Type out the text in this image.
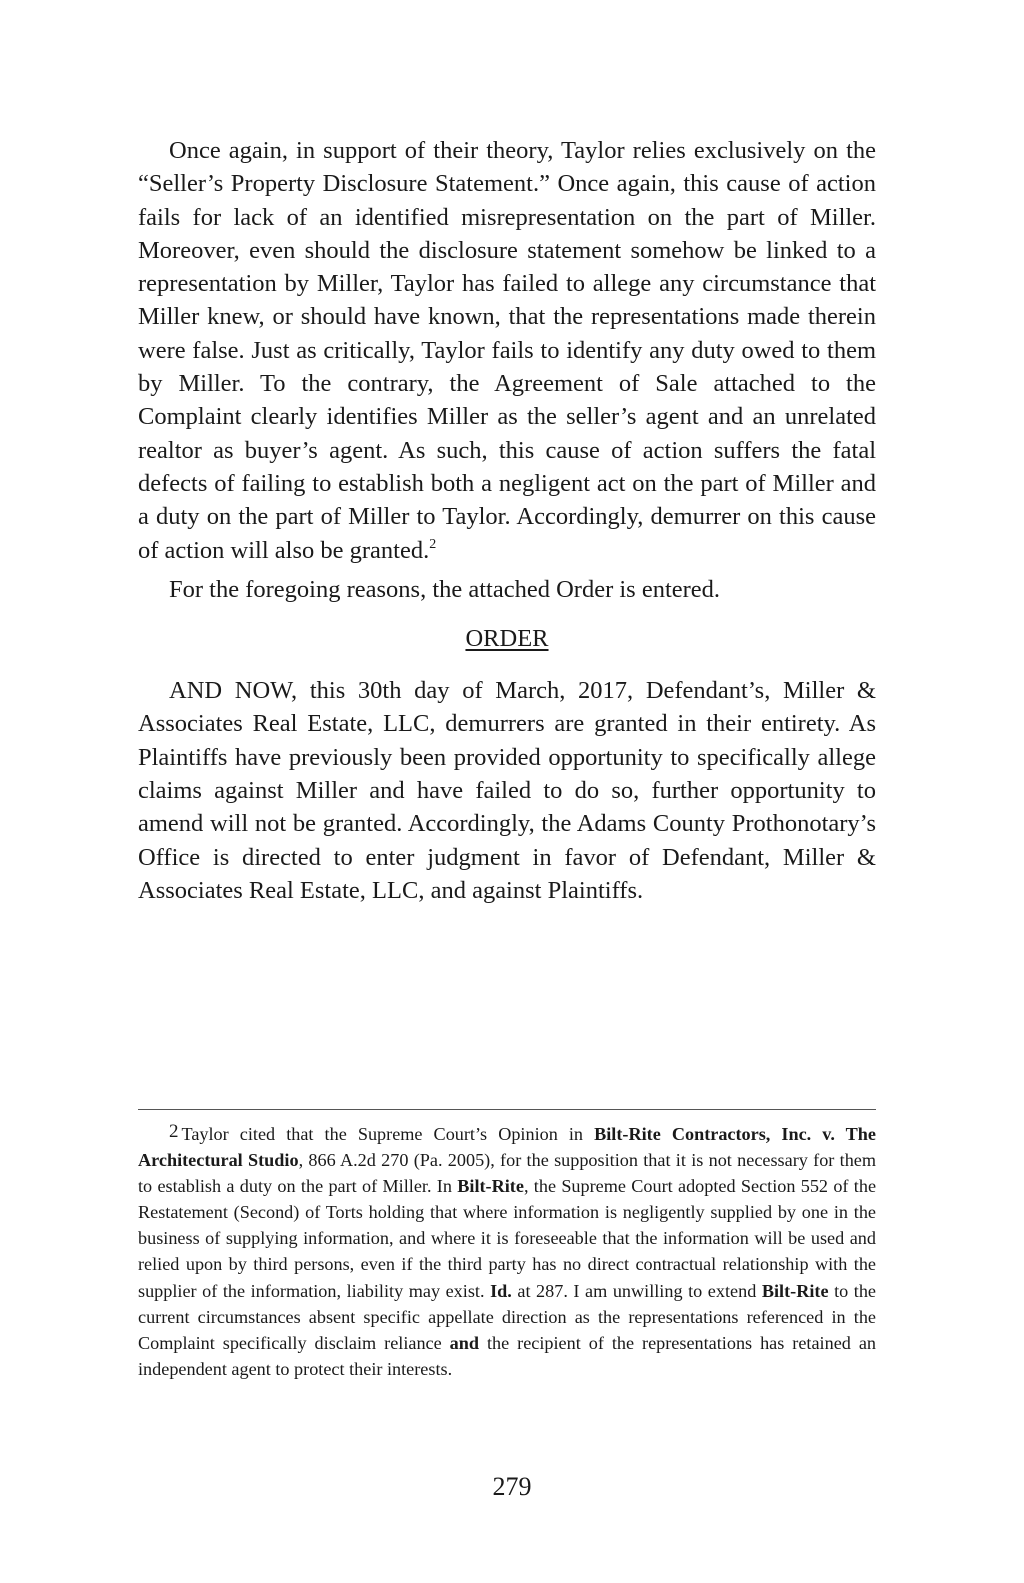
Once again, in support of their theory, Taylor relies exclusively on the “Seller’s Property Disclosure Statement.” Once again, this cause of action fails for lack of an identified misrepresentation on the part of Miller. Moreover, even should the disclosure statement somehow be linked to a representation by Miller, Taylor has failed to allege any circumstance that Miller knew, or should have known, that the representations made therein were false. Just as critically, Taylor fails to identify any duty owed to them by Miller. To the contrary, the Agreement of Sale attached to the Complaint clearly identifies Miller as the seller’s agent and an unrelated realtor as buyer’s agent. As such, this cause of action suffers the fatal defects of failing to establish both a negligent act on the part of Miller and a duty on the part of Miller to Taylor. Accordingly, demurrer on this cause of action will also be granted.$^2$

For the foregoing reasons, the attached Order is entered.

ORDER

AND NOW, this 30th day of March, 2017, Defendant’s, Miller & Associates Real Estate, LLC, demurrers are granted in their entirety. As Plaintiffs have previously been provided opportunity to specifically allege claims against Miller and have failed to do so, further opportunity to amend will not be granted. Accordingly, the Adams County Prothonotary’s Office is directed to enter judgment in favor of Defendant, Miller & Associates Real Estate, LLC, and against Plaintiffs.

2 Taylor cited that the Supreme Court’s Opinion in Bilt-Rite Contractors, Inc. v. The Architectural Studio, 866 A.2d 270 (Pa. 2005), for the supposition that it is not necessary for them to establish a duty on the part of Miller. In Bilt-Rite, the Supreme Court adopted Section 552 of the Restatement (Second) of Torts holding that where information is negligently supplied by one in the business of supplying information, and where it is foreseeable that the information will be used and relied upon by third persons, even if the third party has no direct contractual relationship with the supplier of the information, liability may exist. Id. at 287. I am unwilling to extend Bilt-Rite to the current circumstances absent specific appellate direction as the representations referenced in the Complaint specifically disclaim reliance and the recipient of the representations has retained an independent agent to protect their interests.

279
